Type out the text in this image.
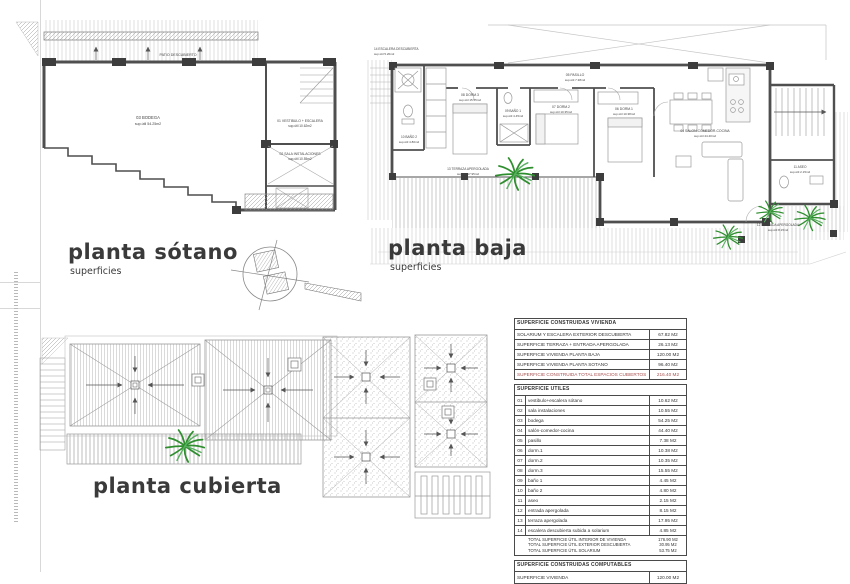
PATIO DESCUBIERTO
03 BODEGA
sup.útil 54.25m2
01 VESTIBULO + ESCALERA
sup.útil 10.62m2
02 SALA INSTALACIONES
sup.útil 10.55m2
14 ESCALERA DESCUBIERTA
sup.útil 5.20m2
10 BAÑO 2
sup.útil 4.80m2
08 DORM.3
sup.útil 15.55m2
09 BAÑO 1
sup.útil 4.45m2
07 DORM.2
sup.útil 10.35m2
05 PASILLO
sup.útil 7.38m2
06 DORM.1
sup.útil 10.38m2
04 SALON-COMEDOR-COCINA
sup.útil 44.40m2
11 ASEO
sup.útil 2.15m2
13 TERRAZA APERGOLADA
sup.útil 17.95m2
12 ENTRADA APERGOLADA
sup.útil 8.15m2
planta sótano
superficies
planta baja
superficies
planta cubierta
SUPERFICIE CONSTRUIDAS VIVIENDA
SOLARIUM Y ESCALERA EXTERIOR DESCUBIERTA	67.82 M2
SUPERFICIE TERRAZA + ENTRADA APERGOLADA	26.13 M2
SUPERFICIE VIVIENDA PLANTA BAJA	120.00 M2
SUPERFICIE VIVIENDA PLANTA SOTANO	96.40 M2
SUPERFICIE CONSTRUIDA TOTAL ESPACIOS CUBIERTOS	216.40 M2
SUPERFICIE UTILES
01	vestibulo+escalera sótano	10.62 M2
02	sala instalaciones	10.55 M2
03	bodega	54.25 M2
04	salón-comedor-cocina	44.40 M2
05	pasillo	7.38 M2
06	dorm.1	10.38 M2
07	dorm.2	10.35 M2
08	dorm.3	15.55 M2
09	baño 1	4.45 M2
10	baño 2	4.80 M2
11	aseo	2.15 M2
12	entrada apergolada	8.15 M2
13	terraza apergolada	17.95 M2
14	escalera descubierta subida a solarium	4.85 M2
TOTAL SUPERFICIE ÚTIL INTERIOR DE VIVIENDA	176.90 M2
TOTAL SUPERFICIE ÚTIL EXTERIOR DESCUBIERTA	30.95 M2
TOTAL SUPERFICIE ÚTIL SOLARIUM	53.75 M2
SUPERFICIE CONSTRUIDAS COMPUTABLES
SUPERFICIE VIVIENDA	120.00 M2
